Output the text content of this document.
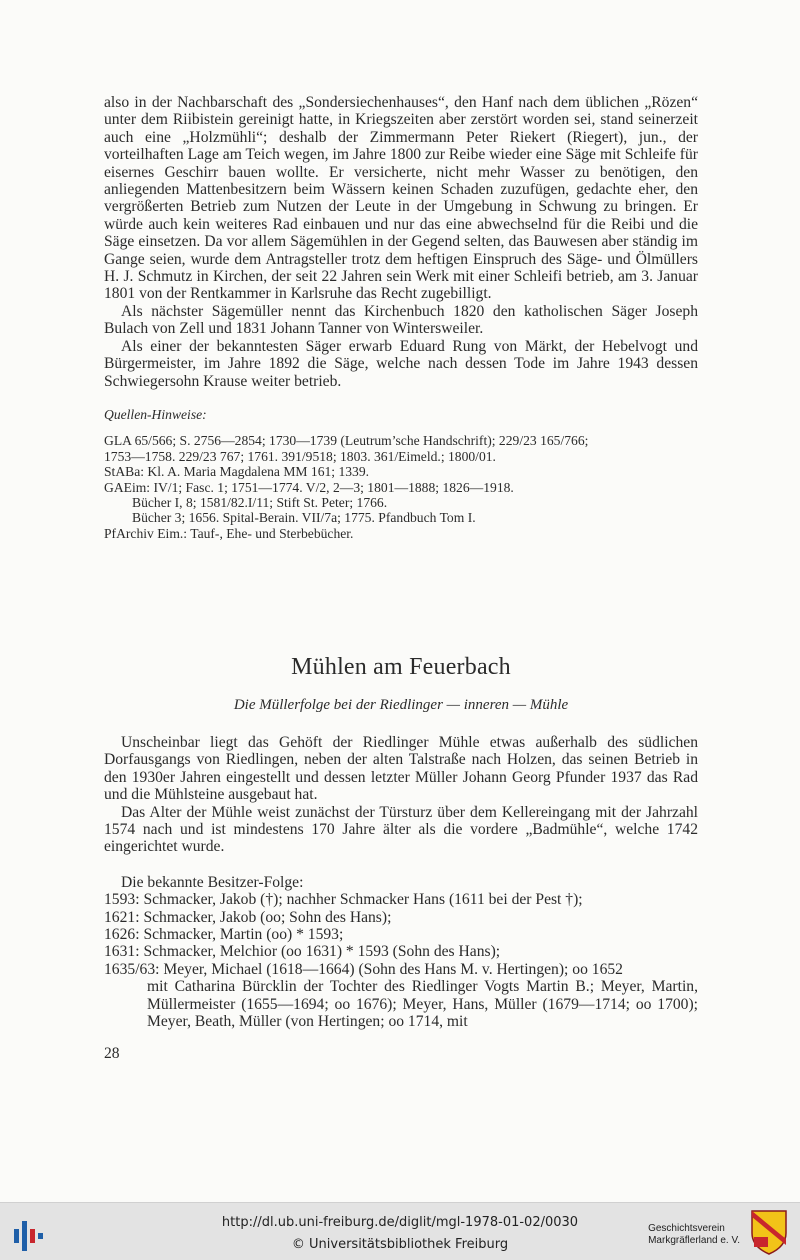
also in der Nachbarschaft des „Sondersiechenhauses“, den Hanf nach dem üblichen „Rözen“ unter dem Riibistein gereinigt hatte, in Kriegszeiten aber zerstört worden sei, stand seinerzeit auch eine „Holzmühli“; deshalb der Zimmermann Peter Riekert (Riegert), jun., der vorteilhaften Lage am Teich wegen, im Jahre 1800 zur Reibe wieder eine Säge mit Schleife für eisernes Geschirr bauen wollte. Er versicherte, nicht mehr Wasser zu benötigen, den anliegenden Mattenbesitzern beim Wässern keinen Schaden zuzufügen, gedachte eher, den vergrößerten Betrieb zum Nutzen der Leute in der Umgebung in Schwung zu bringen. Er würde auch kein weiteres Rad einbauen und nur das eine abwechselnd für die Reibi und die Säge einsetzen. Da vor allem Sägemühlen in der Gegend selten, das Bauwesen aber ständig im Gange seien, wurde dem Antragsteller trotz dem heftigen Einspruch des Säge- und Ölmüllers H. J. Schmutz in Kirchen, der seit 22 Jahren sein Werk mit einer Schleifi betrieb, am 3. Januar 1801 von der Rentkammer in Karlsruhe das Recht zugebilligt.

Als nächster Sägemüller nennt das Kirchenbuch 1820 den katholischen Säger Joseph Bulach von Zell und 1831 Johann Tanner von Wintersweiler.

Als einer der bekanntesten Säger erwarb Eduard Rung von Märkt, der Hebelvogt und Bürgermeister, im Jahre 1892 die Säge, welche nach dessen Tode im Jahre 1943 dessen Schwiegersohn Krause weiter betrieb.

Quellen-Hinweise:

GLA 65/566; S. 2756—2854; 1730—1739 (Leutrum’sche Handschrift); 229/23 165/766;
1753—1758. 229/23 767; 1761. 391/9518; 1803. 361/Eimeld.; 1800/01.
StABa: Kl. A. Maria Magdalena MM 161; 1339.
GAEim: IV/1; Fasc. 1; 1751—1774. V/2, 2—3; 1801—1888; 1826—1918.
Bücher I, 8; 1581/82.I/11; Stift St. Peter; 1766.
Bücher 3; 1656. Spital-Berain. VII/7a; 1775. Pfandbuch Tom I.
PfArchiv Eim.: Tauf-, Ehe- und Sterbebücher.
Mühlen am Feuerbach
Die Müllerfolge bei der Riedlinger — inneren — Mühle

Unscheinbar liegt das Gehöft der Riedlinger Mühle etwas außerhalb des südlichen Dorfausgangs von Riedlingen, neben der alten Talstraße nach Holzen, das seinen Betrieb in den 1930er Jahren eingestellt und dessen letzter Müller Johann Georg Pfunder 1937 das Rad und die Mühlsteine ausgebaut hat.

Das Alter der Mühle weist zunächst der Türsturz über dem Kellereingang mit der Jahrzahl 1574 nach und ist mindestens 170 Jahre älter als die vordere „Badmühle“, welche 1742 eingerichtet wurde.

Die bekannte Besitzer-Folge:
1593:
Schmacker, Jakob (†); nachher Schmacker Hans (1611 bei der Pest †);
1621:
Schmacker, Jakob (oo; Sohn des Hans);
1626:
Schmacker, Martin (oo) * 1593;
1631:
Schmacker, Melchior (oo 1631) * 1593 (Sohn des Hans);
1635/63:
Meyer, Michael (1618—1664) (Sohn des Hans M. v. Hertingen); oo 1652
mit Catharina Bürcklin der Tochter des Riedlinger Vogts Martin B.; Meyer, Martin, Müllermeister (1655—1694; oo 1676); Meyer, Hans, Müller (1679—1714; oo 1700); Meyer, Beath, Müller (von Hertingen; oo 1714, mit
28
http://dl.ub.uni-freiburg.de/diglit/mgl-1978-01-02/0030
© Universitätsbibliothek Freiburg
Geschichtsverein
Markgräflerland e. V.
